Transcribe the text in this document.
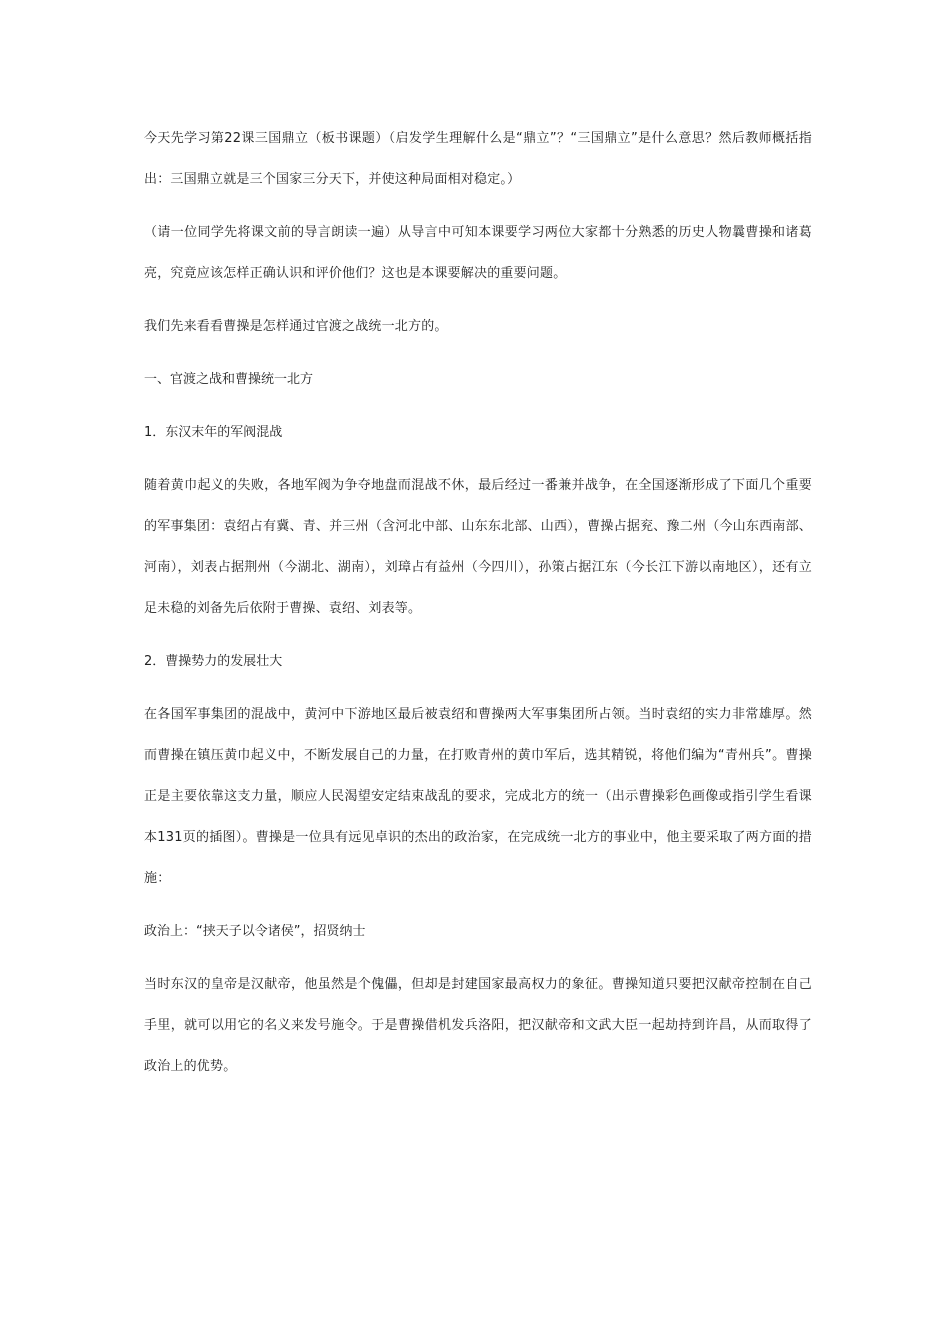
今天先学习第22课三国鼎立（板书课题）（启发学生理解什么是“鼎立”？“三国鼎立”是什么意思？然后教师概括指出：三国鼎立就是三个国家三分天下，并使这种局面相对稳定。）

（请一位同学先将课文前的导言朗读一遍）从导言中可知本课要学习两位大家都十分熟悉的历史人物曩曹操和诸葛亮，究竟应该怎样正确认识和评价他们？这也是本课要解决的重要问题。

我们先来看看曹操是怎样通过官渡之战统一北方的。

一、官渡之战和曹操统一北方

1．东汉末年的军阀混战

随着黄巾起义的失败，各地军阀为争夺地盘而混战不休，最后经过一番兼并战争，在全国逐渐形成了下面几个重要的军事集团：袁绍占有冀、青、并三州（含河北中部、山东东北部、山西），曹操占据兖、豫二州（今山东西南部、河南），刘表占据荆州（今湖北、湖南），刘璋占有益州（今四川），孙策占据江东（今长江下游以南地区），还有立足未稳的刘备先后依附于曹操、袁绍、刘表等。

2．曹操势力的发展壮大

在各国军事集团的混战中，黄河中下游地区最后被袁绍和曹操两大军事集团所占领。当时袁绍的实力非常雄厚。然而曹操在镇压黄巾起义中，不断发展自己的力量，在打败青州的黄巾军后，选其精锐，将他们编为“青州兵”。曹操正是主要依靠这支力量，顺应人民渴望安定结束战乱的要求，完成北方的统一（出示曹操彩色画像或指引学生看课本131页的插图）。曹操是一位具有远见卓识的杰出的政治家，在完成统一北方的事业中，他主要采取了两方面的措施：

政治上：“挟天子以令诸侯”，招贤纳士

当时东汉的皇帝是汉献帝，他虽然是个傀儡，但却是封建国家最高权力的象征。曹操知道只要把汉献帝控制在自己手里，就可以用它的名义来发号施令。于是曹操借机发兵洛阳，把汉献帝和文武大臣一起劫持到许昌，从而取得了政治上的优势。
